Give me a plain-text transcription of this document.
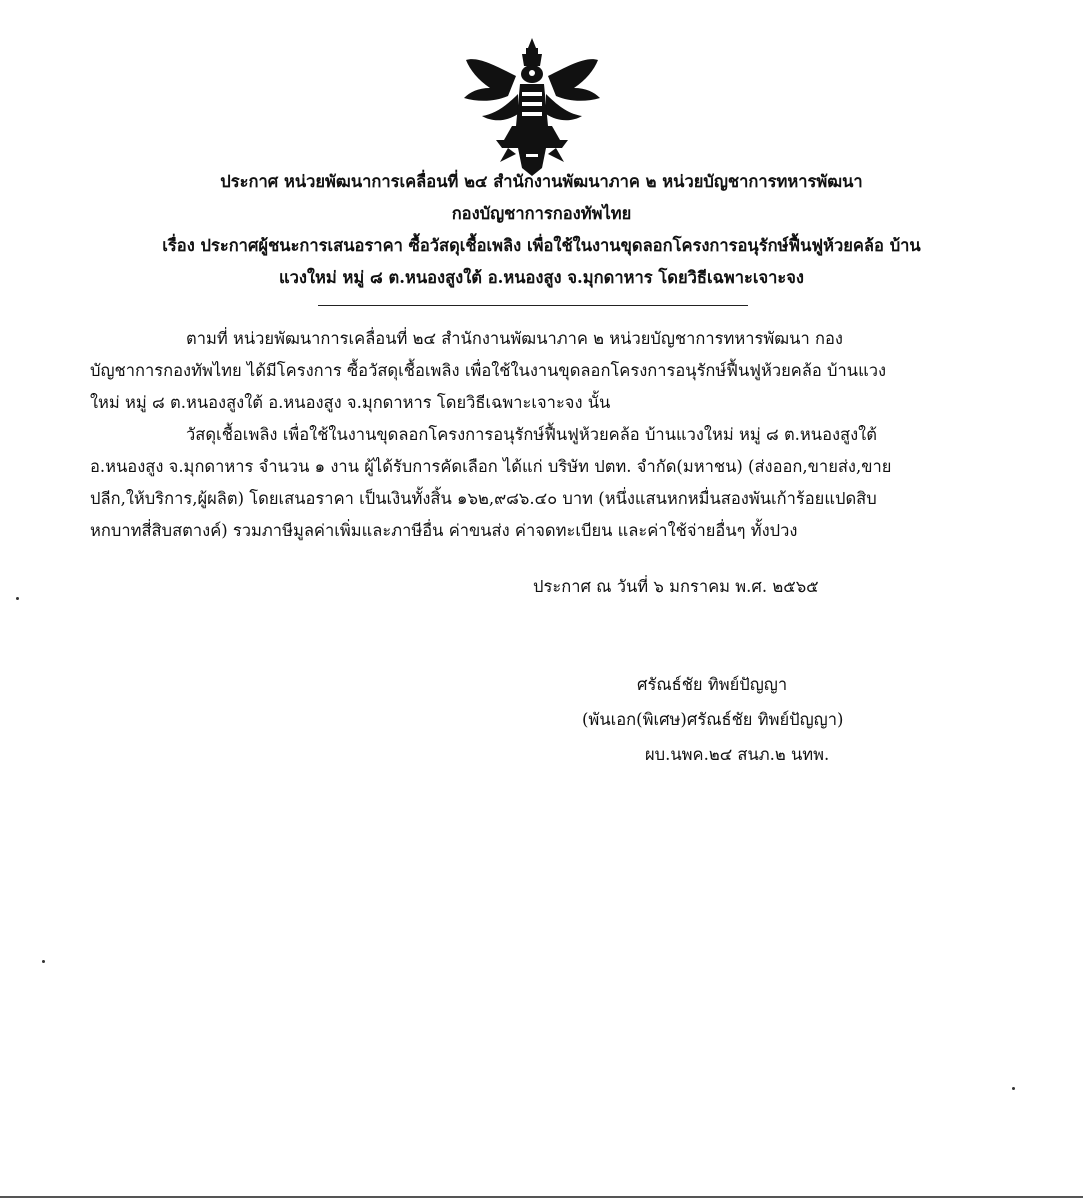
ประกาศ หน่วยพัฒนาการเคลื่อนที่ ๒๔ สำนักงานพัฒนาภาค ๒ หน่วยบัญชาการทหารพัฒนา
กองบัญชาการกองทัพไทย
เรื่อง ประกาศผู้ชนะการเสนอราคา ซื้อวัสดุเชื้อเพลิง เพื่อใช้ในงานขุดลอกโครงการอนุรักษ์ฟื้นฟูห้วยคล้อ บ้าน
แวงใหม่ หมู่ ๘ ต.หนองสูงใต้ อ.หนองสูง จ.มุกดาหาร โดยวิธีเฉพาะเจาะจง
ตามที่ หน่วยพัฒนาการเคลื่อนที่ ๒๔ สำนักงานพัฒนาภาค ๒ หน่วยบัญชาการทหารพัฒนา กอง
บัญชาการกองทัพไทย ได้มีโครงการ ซื้อวัสดุเชื้อเพลิง เพื่อใช้ในงานขุดลอกโครงการอนุรักษ์ฟื้นฟูห้วยคล้อ บ้านแวง
ใหม่ หมู่ ๘ ต.หนองสูงใต้ อ.หนองสูง จ.มุกดาหาร โดยวิธีเฉพาะเจาะจง นั้น
วัสดุเชื้อเพลิง เพื่อใช้ในงานขุดลอกโครงการอนุรักษ์ฟื้นฟูห้วยคล้อ บ้านแวงใหม่ หมู่ ๘ ต.หนองสูงใต้
อ.หนองสูง จ.มุกดาหาร จำนวน ๑ งาน ผู้ได้รับการคัดเลือก ได้แก่ บริษัท ปตท. จำกัด(มหาชน) (ส่งออก,ขายส่ง,ขาย
ปลีก,ให้บริการ,ผู้ผลิต) โดยเสนอราคา เป็นเงินทั้งสิ้น ๑๖๒,๙๘๖.๔๐ บาท (หนึ่งแสนหกหมื่นสองพันเก้าร้อยแปดสิบ
หกบาทสี่สิบสตางค์) รวมภาษีมูลค่าเพิ่มและภาษีอื่น ค่าขนส่ง ค่าจดทะเบียน และค่าใช้จ่ายอื่นๆ ทั้งปวง
ประกาศ ณ วันที่ ๖ มกราคม พ.ศ. ๒๕๖๕
ศรัณธ์ชัย ทิพย์ปัญญา
(พันเอก(พิเศษ)ศรัณธ์ชัย ทิพย์ปัญญา)
ผบ.นพค.๒๔ สนภ.๒ นทพ.
